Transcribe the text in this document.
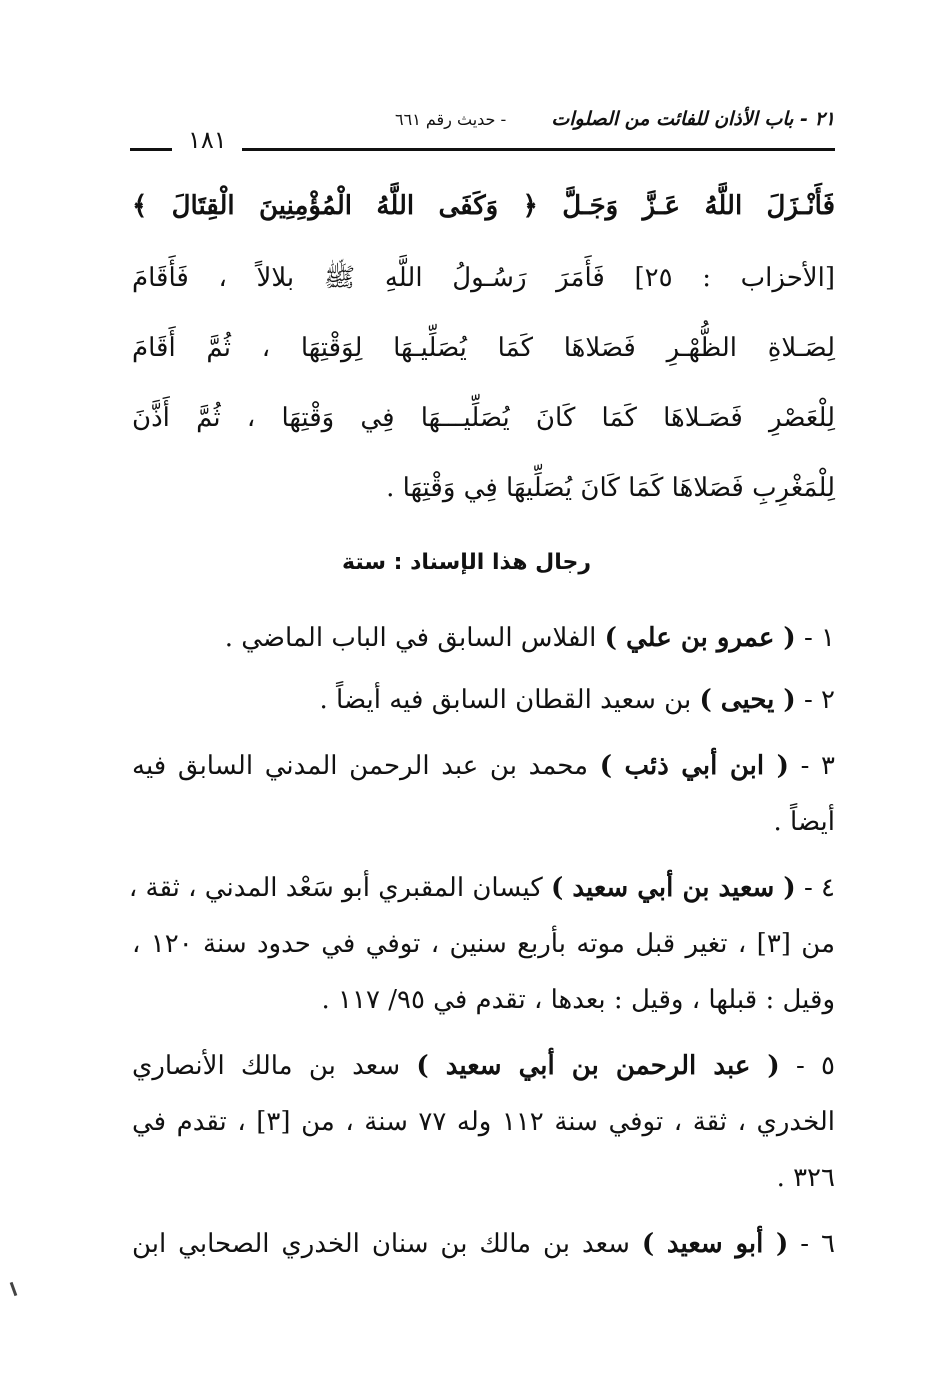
٢١ - باب الأذان للفائت من الصلوات
- حديث رقم ٦٦١
١٨١
فَأَنْـزَلَ اللَّهُ عَـزَّ وَجَـلَّ ﴿ وَكَفَى اللَّهُ الْمُؤْمِنِينَ الْقِتَالَ ﴾
[الأحزاب : ٢٥] فَأَمَرَ رَسُـولُ اللَّهِ ﷺ بلالاً ، فَأَقَامَ
لِصَـلاةِ الظُّهْـرِ فَصَلاهَا كَمَا يُصَلِّيـهَا لِوَقْتِهَا ، ثُمَّ أَقَامَ
لِلْعَصْرِ فَصَـلاهَا كَمَا كَانَ يُصَلِّيـــهَا فِي وَقْتِهَا ، ثُمَّ أَذَّنَ
لِلْمَغْرِبِ فَصَلاهَا كَمَا كَانَ يُصَلِّيهَا فِي وَقْتِهَا .
رجال هذا الإسناد : ستة
١ - ( عمرو بن علي ) الفلاس السابق في الباب الماضي .
٢ - ( يحيى ) بن سعيد القطان السابق فيه أيضاً .
٣ - ( ابن أبي ذئب ) محمد بن عبد الرحمن المدني السابق فيه
أيضاً .
٤ - ( سعيد بن أبي سعيد ) كيسان المقبري أبو سَعْد المدني ، ثقة ،
من [٣] ، تغير قبل موته بأربع سنين ، توفي في حدود سنة ١٢٠ ،
وقيل : قبلها ، وقيل : بعدها ، تقدم في ٩٥/ ١١٧ .
٥ - ( عبد الرحمن بن أبي سعيد ) سعد بن مالك الأنصاري
الخدري ، ثقة ، توفي سنة ١١٢ وله ٧٧ سنة ، من [٣] ، تقدم في
٣٢٦ .
٦ - ( أبو سعيد ) سعد بن مالك بن سنان الخدري الصحابي ابن
